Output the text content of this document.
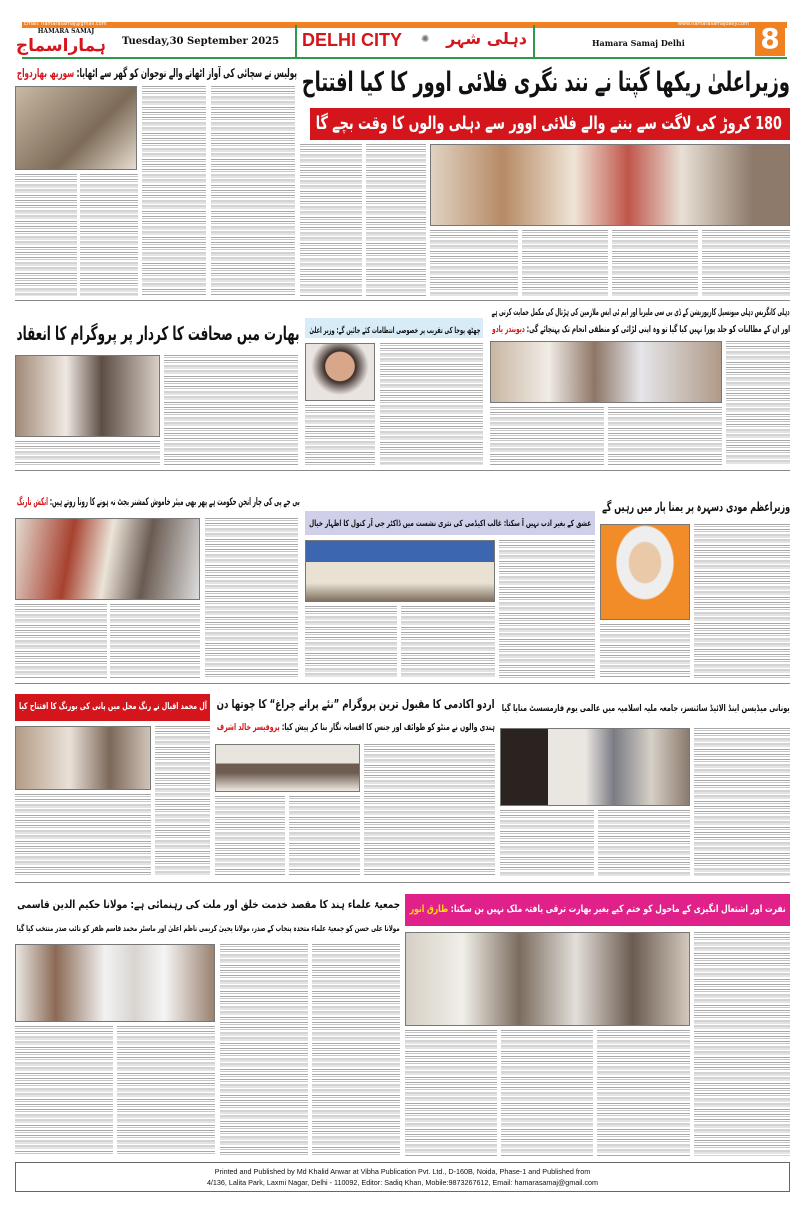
Email: hamarasamaj@gmail.com	www.hamarasamajdaily.com
HAMARA SAMAJ
ہماراسماج Tuesday,30 September 2025 DELHI CITY ✺ دہلی شہر	Hamara Samaj Delhi	8
پولیس نے سچائی کی آواز اٹھانے والے نوجوان کو گھر سے اٹھایا: سوربھ بھاردواج	وزیراعلیٰ ریکھا گپتا نے نند نگری فلائی اوور کا کیا افتتاح
180 کروڑ کی لاگت سے بننے والے فلائی اوور سے دہلی والوں کا وقت بچے گا
بھارت میں صحافت کا کردار پر پروگرام کا انعقاد	چھٹھ پوجا کی تقریب پر خصوصی انتظامات کئے جائیں گے: وزیر اعلیٰ
دہلی کانگریس دہلی میونسپل کارپوریشن کے ڈی بی سی ملیریا اور ایم ٹی ایس ملازمین کی ہڑتال کی مکمل حمایت کرتی ہے
اور ان کے مطالبات کو جلد پورا نہیں کیا گیا تو وہ اپنی لڑائی کو منطقی انجام تک پہنچائے گی: دیویندر یادو
بی جے پی کی چار انجن حکومت ہے پھر بھی میئر خاموش کمشنر بجٹ نہ ہونے کا رونا روتے ہیں: انکش نارنگ
عشق کے بغیر ادب نہیں آ سکتا: غالب اکیڈمی کی نثری نشست میں ڈاکٹر جی آر کنول کا اظہار خیال
وزیراعظم مودی دسہرہ پر یمنا پار میں رہیں گے
آل محمد اقبال نے رنگ محل میں پانی کی بورنگ کا افتتاح کیا اردو اکادمی کا مقبول ترین پروگرام ”نئے پرانے چراغ“ کا چوتھا دن
ہندی والوں نے منٹو کو طوائف اور جنس کا افسانہ نگار بنا کر پیش کیا: پروفیسر خالد اشرف
یونانی میڈیسن اینڈ الائیڈ سائنسز، جامعہ ملیہ اسلامیہ میں عالمی یوم فارمسسٹ منایا گیا
جمعیۃ علماء ہند کا مقصد خدمت خلق اور ملت کی رہنمائی ہے: مولانا حکیم الدین قاسمی
مولانا علی حسن کو جمعیۃ علماء متحدہ پنجاب کے صدر، مولانا یحییٰ کریمی ناظم اعلیٰ اور ماسٹر محمد قاسم ظفر کو نائب صدر منتخب کیا گیا
نفرت اور اشتعال انگیزی کے ماحول کو ختم کیے بغیر بھارت ترقی یافتہ ملک نہیں بن سکتا: طارق انور
Printed and Published by Md Khalid Anwar at Vibha Publication Pvt. Ltd., D-160B, Noida, Phase-1 and Published from
4/136, Lalita Park, Laxmi Nagar, Delhi - 110092, Editor: Sadiq Khan, Mobile:9873267612, Email: hamarasamaj@gmail.com
